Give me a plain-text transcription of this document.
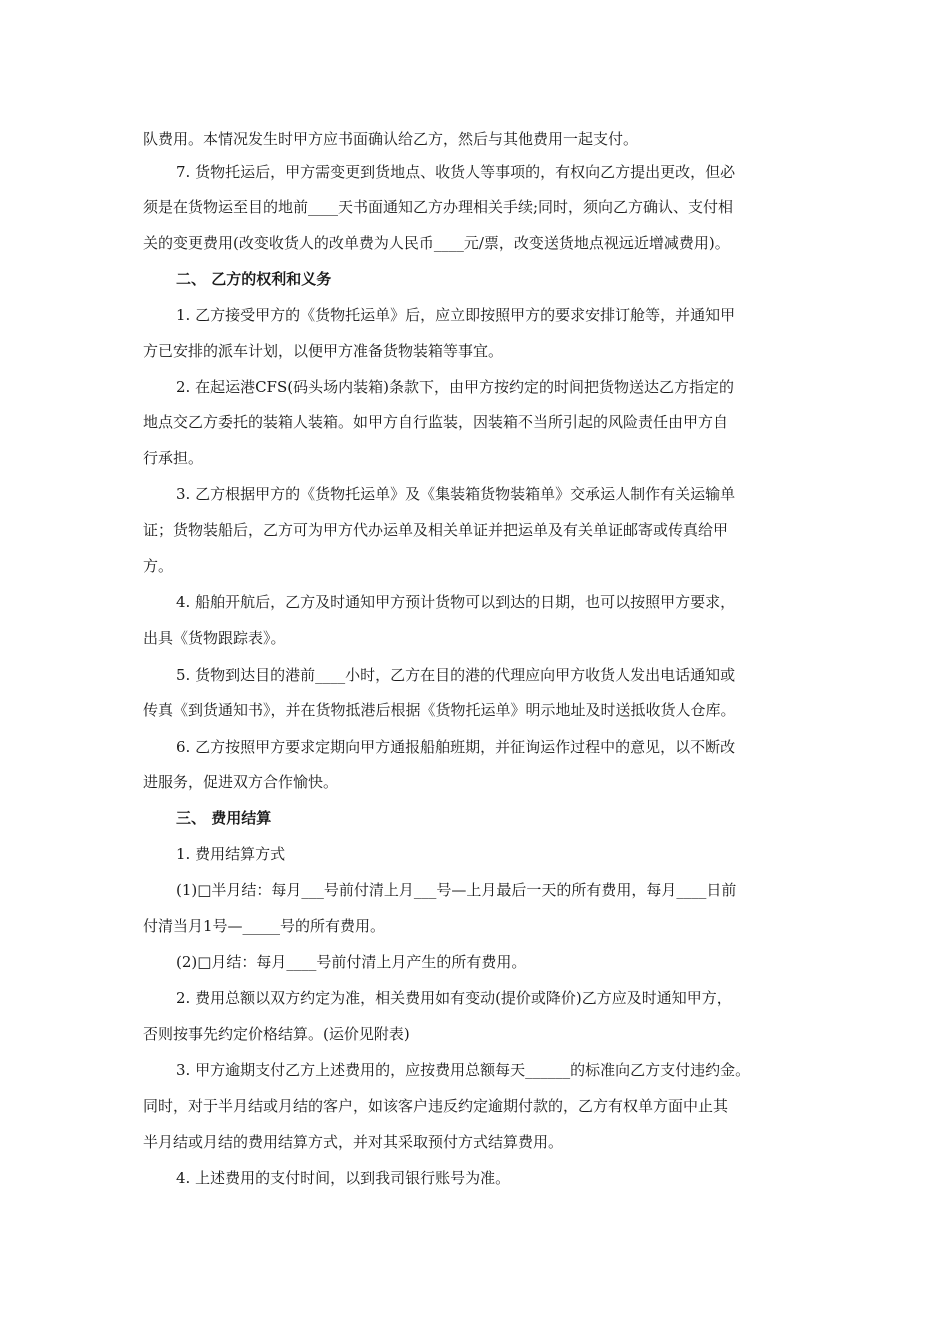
队费用。本情况发生时甲方应书面确认给乙方，然后与其他费用一起支付。
7. 货物托运后，甲方需变更到货地点、收货人等事项的，有权向乙方提出更改，但必
须是在货物运至目的地前____天书面通知乙方办理相关手续;同时，须向乙方确认、支付相
关的变更费用(改变收货人的改单费为人民币____元/票，改变送货地点视远近增减费用)。
二、 乙方的权利和义务
1. 乙方接受甲方的《货物托运单》后，应立即按照甲方的要求安排订舱等，并通知甲
方已安排的派车计划，以便甲方准备货物装箱等事宜。
2. 在起运港CFS(码头场内装箱)条款下，由甲方按约定的时间把货物送达乙方指定的
地点交乙方委托的装箱人装箱。如甲方自行监装，因装箱不当所引起的风险责任由甲方自
行承担。
3. 乙方根据甲方的《货物托运单》及《集装箱货物装箱单》交承运人制作有关运输单
证；货物装船后，乙方可为甲方代办运单及相关单证并把运单及有关单证邮寄或传真给甲
方。
4. 船舶开航后，乙方及时通知甲方预计货物可以到达的日期，也可以按照甲方要求，
出具《货物跟踪表》。
5. 货物到达目的港前____小时，乙方在目的港的代理应向甲方收货人发出电话通知或
传真《到货通知书》，并在货物抵港后根据《货物托运单》明示地址及时送抵收货人仓库。
6. 乙方按照甲方要求定期向甲方通报船舶班期，并征询运作过程中的意见，以不断改
进服务，促进双方合作愉快。
三、 费用结算
1. 费用结算方式
(1)□半月结：每月___号前付清上月___号—上月最后一天的所有费用，每月____日前
付清当月1号—_____号的所有费用。
(2)□月结：每月____号前付清上月产生的所有费用。
2. 费用总额以双方约定为准，相关费用如有变动(提价或降价)乙方应及时通知甲方，
否则按事先约定价格结算。(运价见附表)
3. 甲方逾期支付乙方上述费用的，应按费用总额每天______的标准向乙方支付违约金。
同时，对于半月结或月结的客户，如该客户违反约定逾期付款的，乙方有权单方面中止其
半月结或月结的费用结算方式，并对其采取预付方式结算费用。
4. 上述费用的支付时间，以到我司银行账号为准。
